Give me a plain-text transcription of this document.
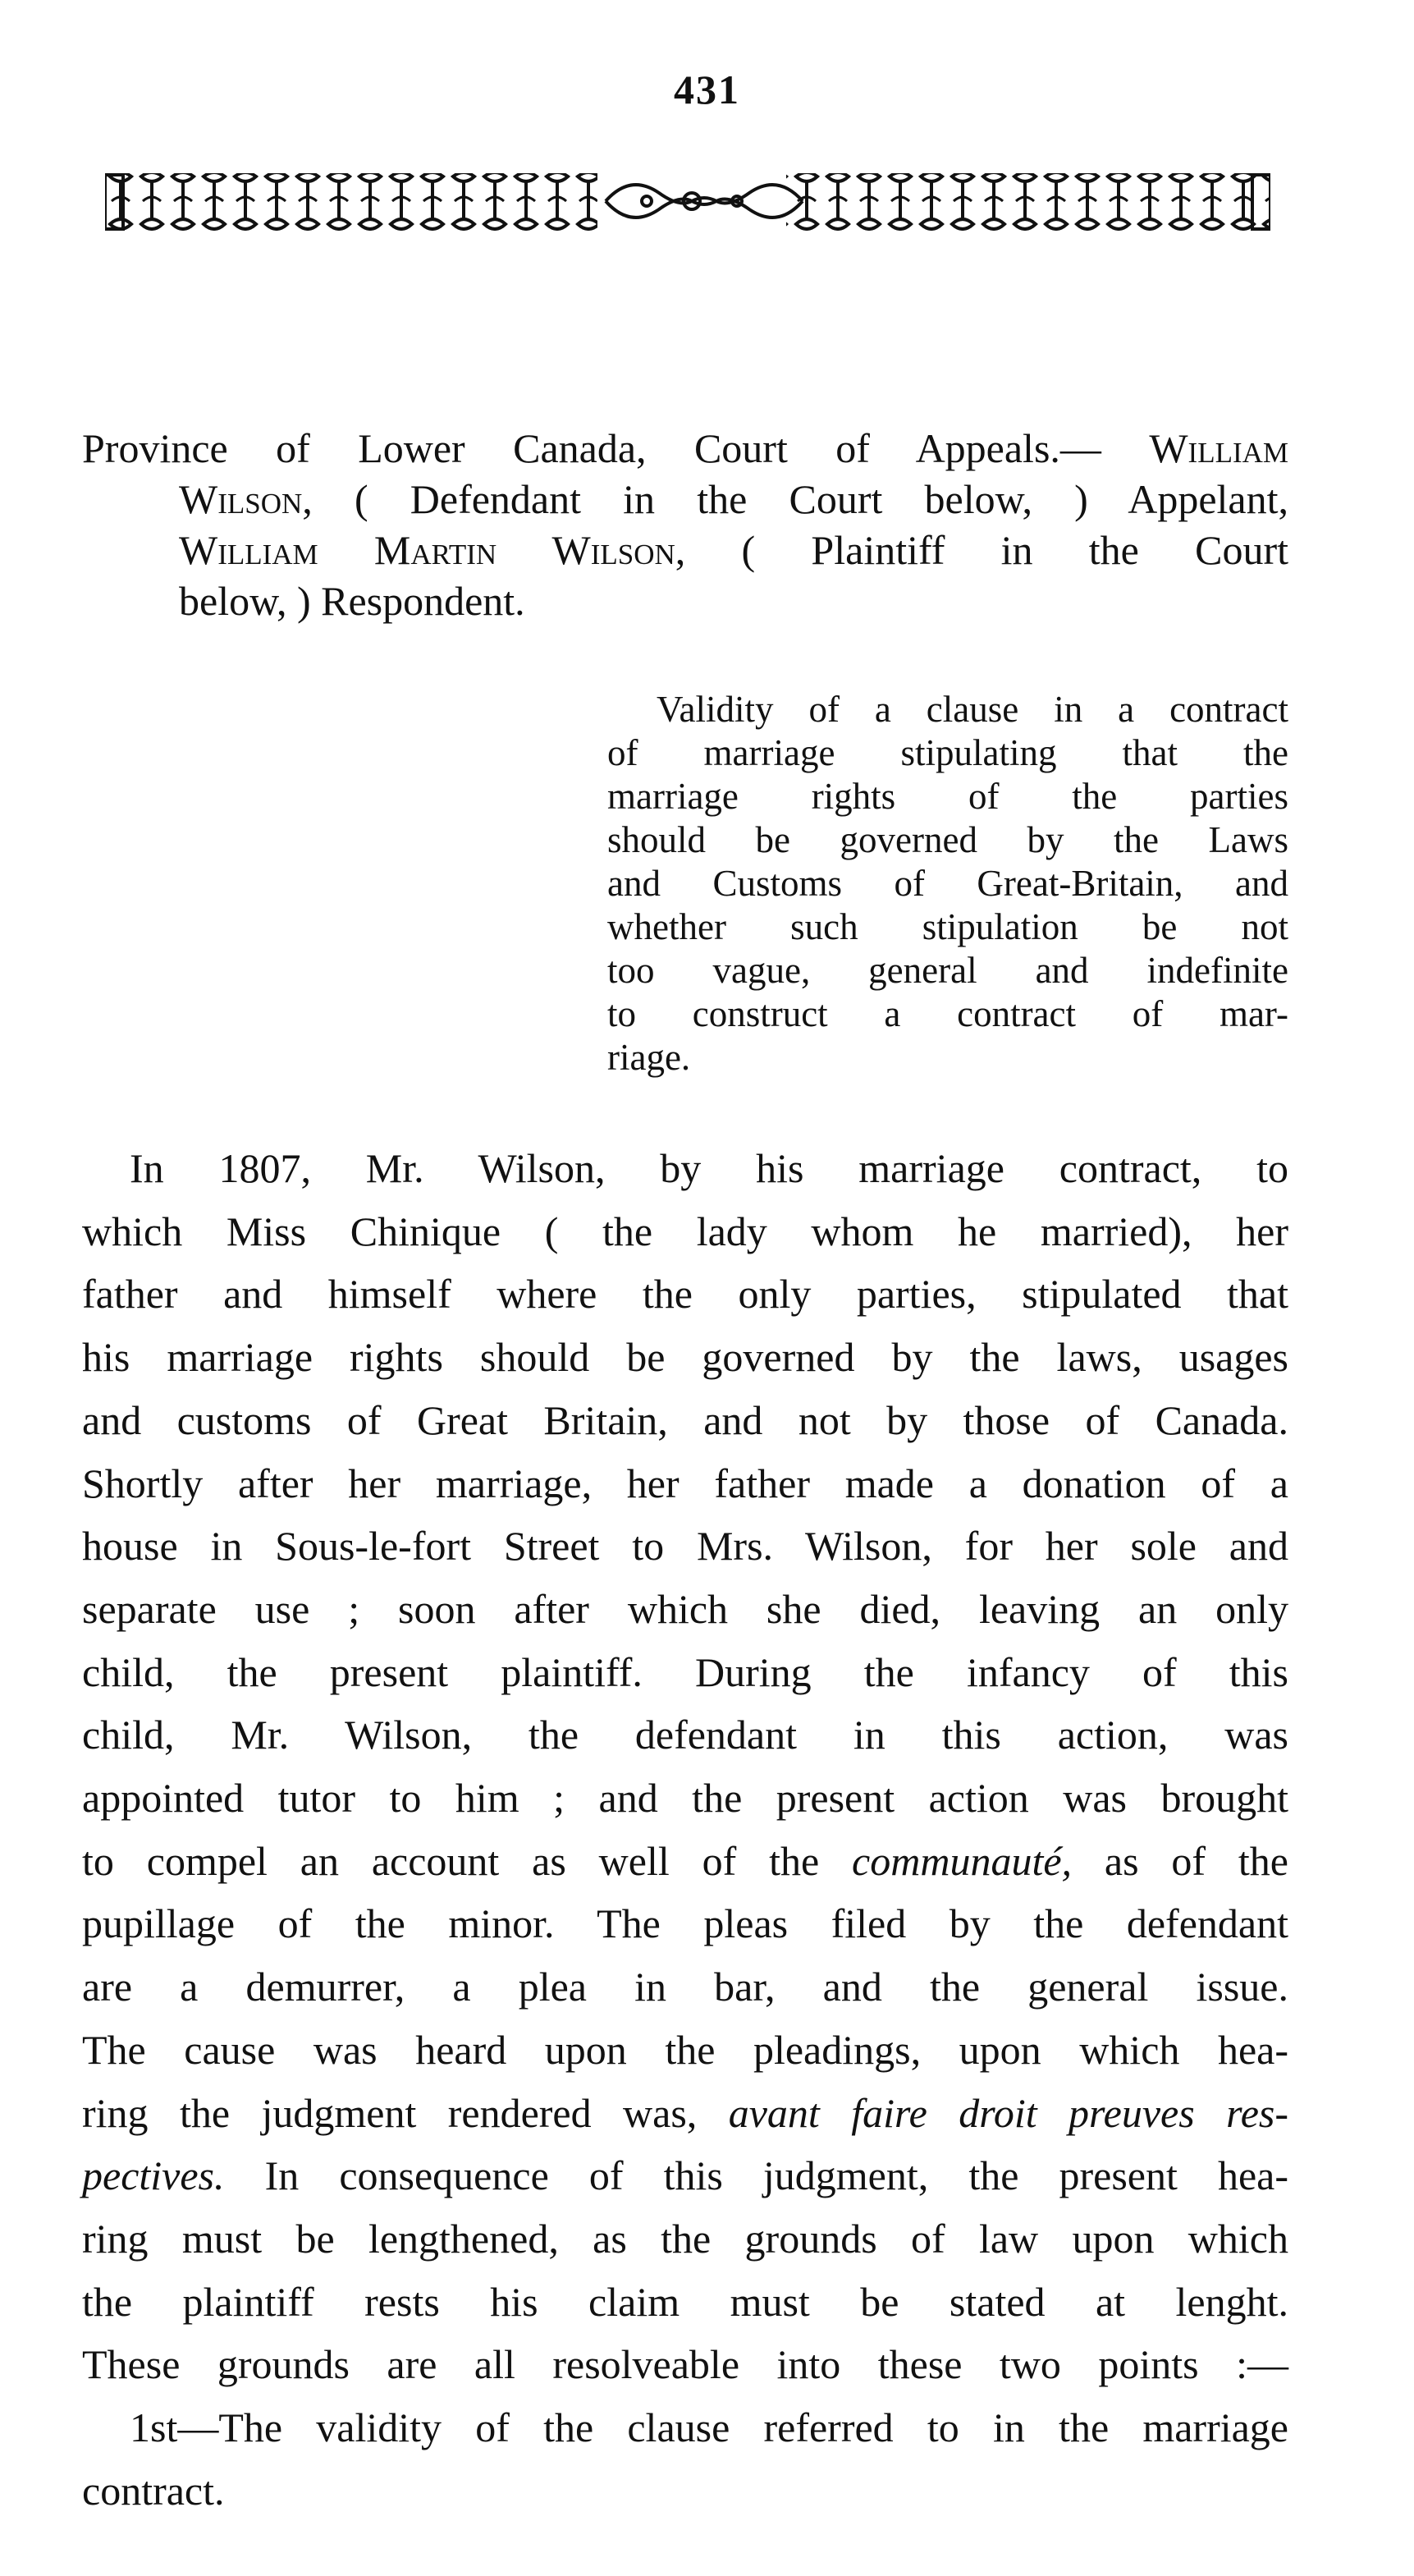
431
Province of Lower Canada, Court of Appeals.— William
Wilson, ( Defendant in the Court below, ) Appelant,
William Martin Wilson, ( Plaintiff in the Court
below, ) Respondent.
Validity of a clause in a contract
of marriage stipulating that the
marriage rights of the parties
should be governed by the Laws
and Customs of Great-Britain, and
whether such stipulation be not
too vague, general and indefinite
to construct a contract of mar-
riage.
In 1807, Mr. Wilson, by his marriage contract, to
which Miss Chinique ( the lady whom he married), her
father and himself where the only parties, stipulated that
his marriage rights should be governed by the laws, usages
and customs of Great Britain, and not by those of Canada.
Shortly after her marriage, her father made a donation of a
house in Sous-le-fort Street to Mrs. Wilson, for her sole and
separate use ; soon after which she died, leaving an only
child, the present plaintiff. During the infancy of this
child, Mr. Wilson, the defendant in this action, was
appointed tutor to him ; and the present action was brought
to compel an account as well of the communauté, as of the
pupillage of the minor. The pleas filed by the defendant
are a demurrer, a plea in bar, and the general issue.
The cause was heard upon the pleadings, upon which hea-
ring the judgment rendered was, avant faire droit preuves res-
pectives. In consequence of this judgment, the present hea-
ring must be lengthened, as the grounds of law upon which
the plaintiff rests his claim must be stated at lenght.
These grounds are all resolveable into these two points :—
1st—The validity of the clause referred to in the marriage
contract.
